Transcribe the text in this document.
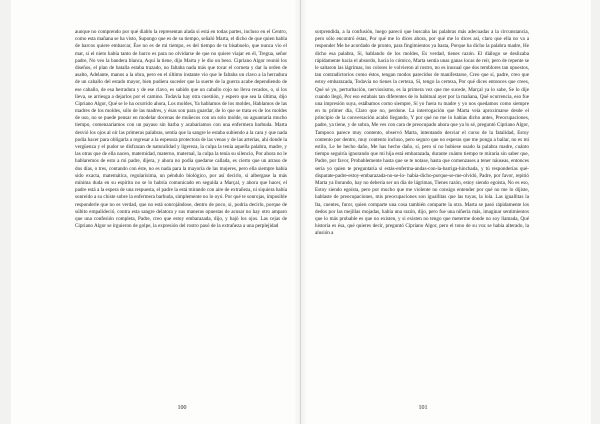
aunque no comprendo por qué diablo la representan alada si está en todas partes, incluso en el Centro, como esta mañana se ha visto, Supongo que es de su tiempo, señaló Marta, el dicho de que quien habla de barcos quiere embarcar, Ése no es de mi tiempo, es del tiempo de tu bisabuelo, que nunca vio el mar, si el nieto había tanto de barco es para no olvidarse de que no quiere viajar en él, Tregua, señor padre, No veo la bandera blanca, Aquí la tiene, dijo Marta y le dio un beso. Cipriano Algor reunió los diseños, el plan de batalla estaba trazado, no faltaba nada más que tocar el corneta y dar la orden de asalto, Adelante, manos a la obra, pero en el último instante vio que le faltaba un clavo a la herradura de un caballo del estado mayor, bien pudiera suceder que la suerte de la guerra acabe dependiendo de ese caballo, de esa herradura y de ese clavo, es sabido que un caballo cojo no lleva recados, o, si los lleva, se arriesga a dejarlos por el camino. Todavía hay otra cuestión, y espero que sea la última, dijo Cipriano Algor, Qué se le ha ocurrido ahora, Los moldes, Ya hablamos de los moldes, Hablamos de las madres de los moldes, sólo de las madres, y ésas son para guardar, de lo que se trata es de los moldes de uso, no se puede pensar en modelar docenas de muñecos con un solo molde, no aguantaría mucho tiempo, comenzaríamos con un payaso sin barba y acabaríamos con una enfermera barbuda. Marta desvió los ojos al oír las primeras palabras, sentía que la sangre le estaba subiendo a la cara y que nada podía hacer para obligarla a regresar a la espesura protectora de las venas y de las arterias, ahí donde la vergüenza y el pudor se disfrazan de naturalidad y ligereza, la culpa la tenía aquella palabra, madre, y las otras que de ella nacen, maternidad, materno, maternal, la culpa la tenía su silencio, Por ahora no le hablaremos de esto a mi padre, dijera, y ahora no podía quedarse callada, es cierto que un atraso de dos días, o tres, contando con éste, no es nada para la mayoría de las mujeres, pero ella siempre había sido exacta, matemática, regularísima, un péndulo biológico, por así decirlo, si albergase la más mínima duda en su espíritu no se lo habría comunicado en seguida a Marçal, y ahora que hacer, el padre está a la espera de una respuesta, el padre la está mirando con aire de extrañeza, ni siquiera había sonreído a su chiste sobre la enfermera barbuda, simplemente no lo oyó. Por qué te sonrojas, imposible responderle que no es verdad, que no está sonrojándose, dentro de poco, si, podría decirlo, porque de súbito empalideció, contra esta sangre delatora y sus maneras opuestas de acusar no hay otro amparo que una confesión completa, Padre, creo que estoy embarazada, dijo, y bajó los ojos. Las cejas de Cipriano Algor se irguieron de golpe, la expresión del rostro pasó de la extrañeza a una perplejidad

100

sorprendida, a la confusión, luego parecó que buscaba las palabras más adecuadas a la circunstancia, pero sólo encontró éstas, Por qué me lo dices ahora, por qué me lo dices así, claro que ella no va a responder Me he acordado de pronto, para fingimientos ya basta, Porque ha dicho la palabra madre, He dicho esa palabra, Sí, hablando de los moldes, Es verdad, tienes razón. El diálogo se deslizaba rápidamente hacia el absurdo, hacia lo cómico, Marta sentía unas ganas locas de reír, pero de repente se le saltaron las lágrimas, los colores le volvieron al rostro, no es inusual que dos temblores tan opuestos, tan contradictorios como éstos, tengan modos parecidos de manifestarse, Creo que sí, padre, creo que estoy embarazada, Todavía no tienes la certeza, Sí, tengo la certeza, Por qué dices entonces que crees, Qué sé yo, perturbación, nerviosismo, es la primera vez que me sucede, Marçal ya lo sabe, Se lo dije cuando llegó, Por eso estabais tan diferentes de lo habitual ayer por la mañana, Qué ocurrencia, eso fue una impresión suya, estábamos como siempre, Sí yo fuera tu madre y yo nos quedamos como siempre en tu primer día, Claro que no, perdone. La interrogación que Marta veía aproximarse desde el principio de la conversación acabó llegando, Y por qué no me lo habías dicho antes, Preocupaciones, padre, ya tiene, y de sobra, Me ves con cara de preocupado ahora que ya lo sé, preguntó Cipriano Algor, Tampoco parece muy contento, observó Marta, intentando desviar el curso de la fatalidad, Estoy contento por dentro, muy contento incluso, pero seguro que no esperas que me ponga a bailar, no es mi estilo, Le he hecho daño, Me has hecho daño, sí, pero sí no hubiese usado la palabra madre, cuánto tiempo seguiría ignorando que mi hija está embarazada, durante cuánto tiempo te miraría sin saber que, Padre, por favor, Probablemente hasta que se te notase, hasta que comenzases a tener náuseas, entonces sería yo quien te preguntaría si estás-enferma-andas-con-la-barriga-hinchada, y tú responderías qué-disparate-padre-estoy-embarazada-no-se-lo- había-dicho-porque-se-me-olvidó, Padre, por favor, repitió Marta ya llorando, hay no debería ser un día de lágrimas, Tienes razón, estoy siendo egoísta, No es eso, Estoy siendo egoísta, pero por mucho que me violente no consigo entender por qué no me lo dijiste, hablaste de preocupaciones, mis preocupaciones son iguallitas que las tuyas, la lola. Las iguallitas la Ita, cuentes, furor, quien comparte una cosa también comparte la otra. Marta se pasó rápidamente los dedos por las mejillas mojadas, había una razón, dijo, pero fue una niñería más, imaginar sentimientos que lo más probable es que no existen, y si existen no tengo que meterme donde no soy llamada, Qué historia es ésa, qué quieres decir, preguntó Cipriano Algor, pero el tono de su voz se había alterado, la alusión a

101
